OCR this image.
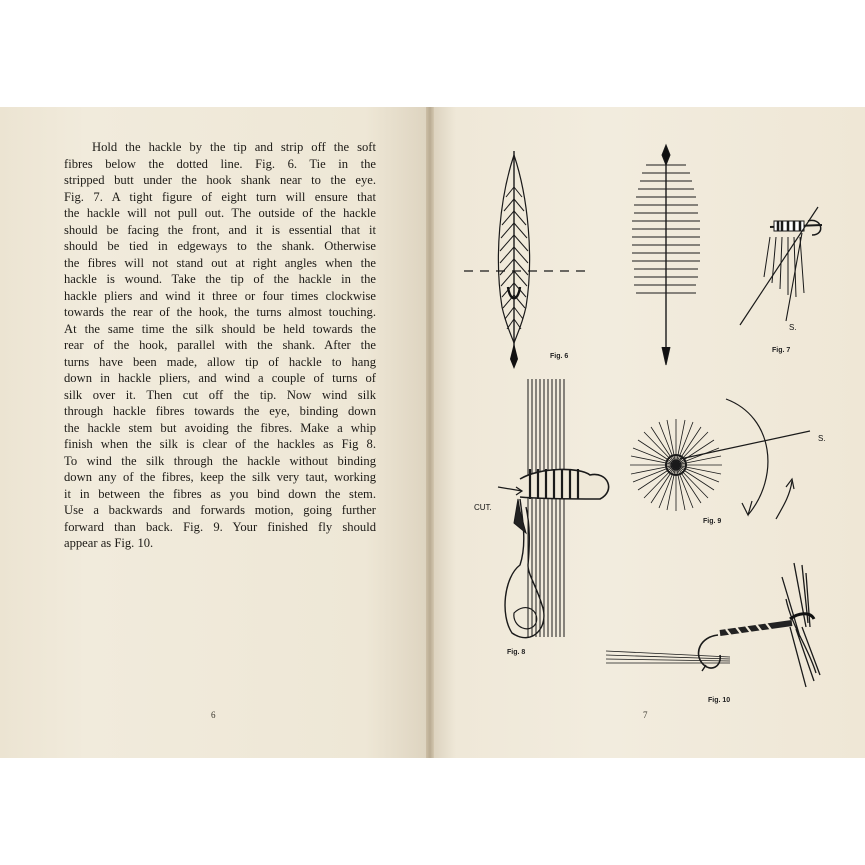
Hold the hackle by the tip and strip off the soft
fibres below the dotted line. Fig. 6. Tie in the
stripped butt under the hook shank near to the eye.
Fig. 7. A tight figure of eight turn will ensure that
the hackle will not pull out. The outside of the hackle
should be facing the front, and it is essential that it
should be tied in edgeways to the shank. Otherwise
the fibres will not stand out at right angles when the
hackle is wound. Take the tip of the hackle in the
hackle pliers and wind it three or four times clockwise
towards the rear of the hook, the turns almost touching.
At the same time the silk should be held towards the
rear of the hook, parallel with the shank. After the
turns have been made, allow tip of hackle to hang
down in hackle pliers, and wind a couple of turns of
silk over it. Then cut off the tip. Now wind silk
through hackle fibres towards the eye, binding down
the hackle stem but avoiding the fibres. Make a whip
finish when the silk is clear of the hackles as Fig 8.
To wind the silk through the hackle without binding
down any of the fibres, keep the silk very taut, working
it in between the fibres as you bind down the stem.
Use a backwards and forwards motion, going further
forward than back. Fig. 9. Your finished fly should
appear as Fig. 10.
6	7
Fig. 6
Fig. 7
Fig. 8
Fig. 9
Fig. 10
S.
S.
CUT.
